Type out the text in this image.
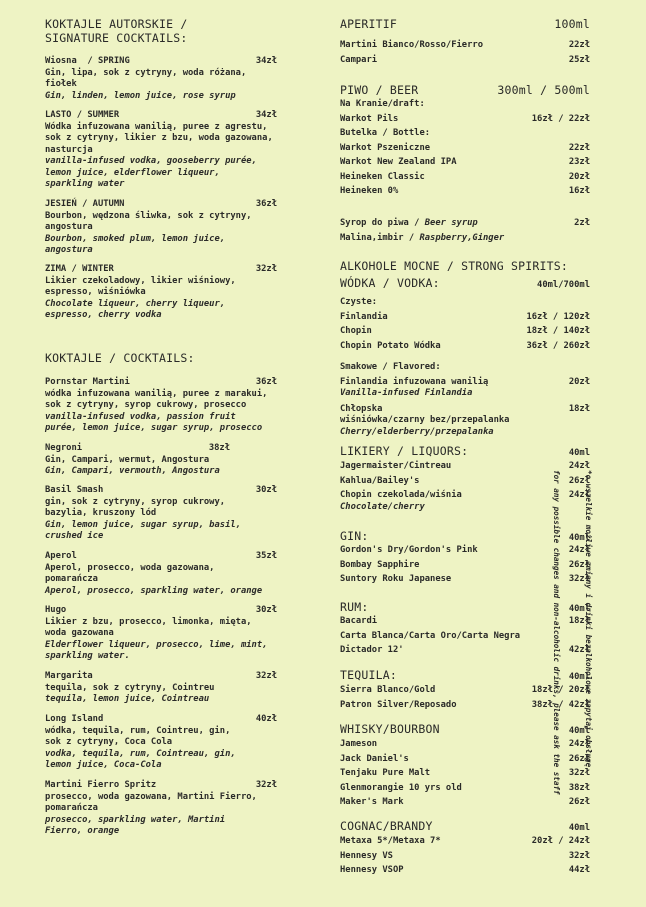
KOKTAJLE AUTORSKIE /
SIGNATURE COCKTAILS:
Wiosna  / SPRING	34zł
Gin, lipa, sok z cytryny, woda różana,
fiołek
Gin, linden, lemon juice, rose syrup
LASTO / SUMMER	34zł
Wódka infuzowana wanilią, puree z agrestu,
sok z cytryny, likier z bzu, woda gazowana,
nasturcja
vanilla-infused vodka, gooseberry purée,
lemon juice, elderflower liqueur,
sparkling water
JESIEŃ / AUTUMN	36zł
Bourbon, wędzona śliwka, sok z cytryny,
angostura
Bourbon, smoked plum, lemon juice,
angostura
ZIMA / WINTER	32zł
Likier czekoladowy, likier wiśniowy,
espresso, wiśniówka
Chocolate liqueur, cherry liqueur,
espresso, cherry vodka
KOKTAJLE / COCKTAILS:
Pornstar Martini	36zł
wódka infuzowana wanilią, puree z marakui,
sok z cytryny, syrop cukrowy, prosecco
vanilla-infused vodka, passion fruit
purée, lemon juice, sugar syrup, prosecco
Negroni	38zł
Gin, Campari, wermut, Angostura
Gin, Campari, vermouth, Angostura
Basil Smash	30zł
gin, sok z cytryny, syrop cukrowy,
bazylia, kruszony lód
Gin, lemon juice, sugar syrup, basil,
crushed ice
Aperol	35zł
Aperol, prosecco, woda gazowana,
pomarańcza
Aperol, prosecco, sparkling water, orange
Hugo	30zł
Likier z bzu, prosecco, limonka, mięta,
woda gazowana
Elderflower liqueur, prosecco, lime, mint,
sparkling water.
Margarita	32zł
tequila, sok z cytryny, Cointreu
tequila, lemon juice, Cointreau
Long Island	40zł
wódka, tequila, rum, Cointreu, gin,
sok z cytryny, Coca Cola
vodka, tequila, rum, Cointreau, gin,
lemon juice, Coca-Cola
Martini Fierro Spritz	32zł
prosecco, woda gazowana, Martini Fierro,
pomarańcza
prosecco, sparkling water, Martini
Fierro, orange
APERITIF	100ml
Martini Bianco/Rosso/Fierro	22zł
Campari	25zł
PIWO / BEER	300ml / 500ml
Na Kranie/draft:
Warkot Pils	16zł / 22zł
Butelka / Bottle:
Warkot Pszeniczne	22zł
Warkot New Zealand IPA	23zł
Heineken Classic	20zł
Heineken 0%	16zł
Syrop do piwa / Beer syrup	2zł
Malina,imbir / Raspberry,Ginger
ALKOHOLE MOCNE / STRONG SPIRITS:
WÓDKA / VODKA:	40ml/700ml
Czyste:
Finlandia	16zł / 120zł
Chopin	18zł / 140zł
Chopin Potato Wódka	36zł / 260zł
Smakowe / Flavored:
Finlandia infuzowana wanilią	20zł
Vanilla-infused Finlandia
Chłopska	18zł
wiśniówka/czarny bez/przepalanka
Cherry/elderberry/przepalanka
LIKIERY / LIQUORS:	40ml
Jagermaister/Cintreau	24zł
Kahlua/Bailey's	26zł
Chopin czekolada/wiśnia	24zł
Chocolate/cherry
GIN:	40ml
Gordon's Dry/Gordon's Pink	24zł
Bombay Sapphire	26zł
Suntory Roku Japanese	32zł
RUM:	40ml
Bacardi	18zł
Carta Blanca/Carta Oro/Carta Negra
Dictador 12'	42zł
TEQUILA:	40ml
Sierra Blanco/Gold	18zł / 20zł
Patron Silver/Reposado	38zł / 42zł
WHISKY/BOURBON	40ml
Jameson	24zł
Jack Daniel's	26zł
Tenjaku Pure Malt	32zł
Glenmorangie 10 yrs old	38zł
Maker's Mark	26zł
COGNAC/BRANDY	40ml
Metaxa 5*/Metaxa 7*	20zł / 24zł
Hennesy VS	32zł
Hennesy VSOP	44zł

*o wszelkie możliwe zmiany i drinki bezalkoholowe zapytaj obsługę

for any possible changes and non-alcoholic drinks, please ask the staff
